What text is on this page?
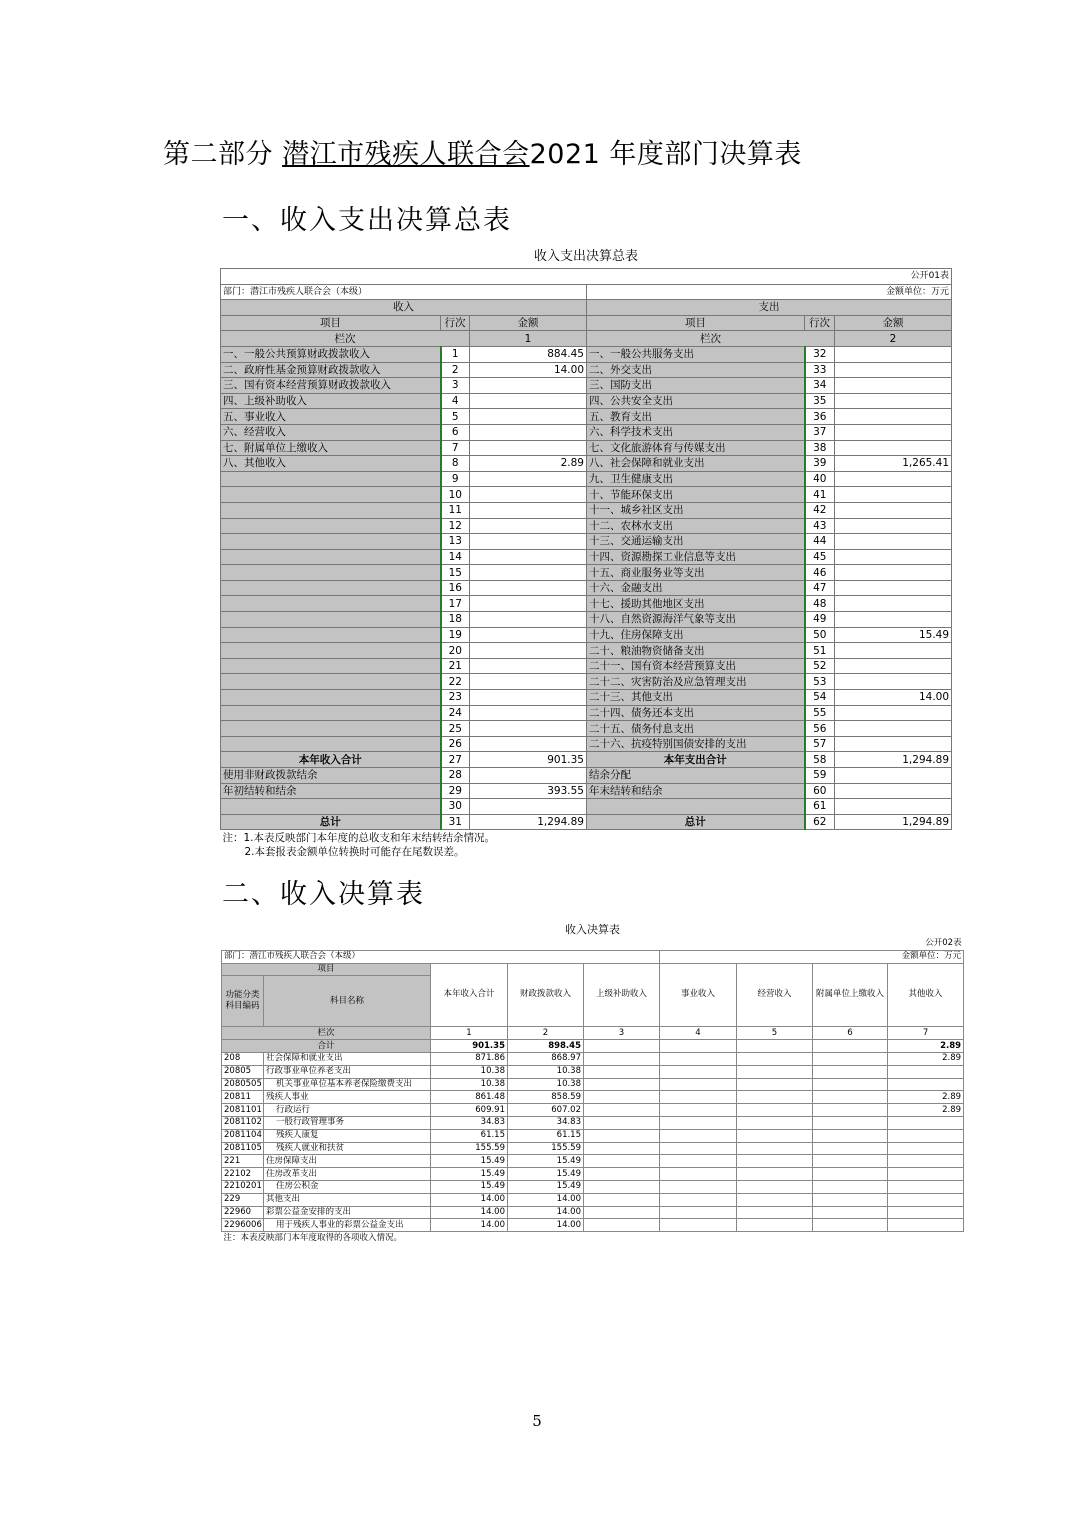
第二部分 潜江市残疾人联合会2021 年度部门决算表
一、收入支出决算总表
收入支出决算总表					
公开01表					
部门：潜江市残疾人联合会（本级）			金额单位：万元		
收入			支出		
项目	行次	金额	项目	行次	金额
栏次		1	栏次		2
一、一般公共预算财政拨款收入	1	884.45	一、一般公共服务支出	32	
二、政府性基金预算财政拨款收入	2	14.00	二、外交支出	33	
三、国有资本经营预算财政拨款收入	3		三、国防支出	34	
四、上级补助收入	4		四、公共安全支出	35	
五、事业收入	5		五、教育支出	36	
六、经营收入	6		六、科学技术支出	37	
七、附属单位上缴收入	7		七、文化旅游体育与传媒支出	38	
八、其他收入	8	2.89	八、社会保障和就业支出	39	1,265.41
	9		九、卫生健康支出	40	
	10		十、节能环保支出	41	
	11		十一、城乡社区支出	42	
	12		十二、农林水支出	43	
	13		十三、交通运输支出	44	
	14		十四、资源勘探工业信息等支出	45	
	15		十五、商业服务业等支出	46	
	16		十六、金融支出	47	
	17		十七、援助其他地区支出	48	
	18		十八、自然资源海洋气象等支出	49	
	19		十九、住房保障支出	50	15.49
	20		二十、粮油物资储备支出	51	
	21		二十一、国有资本经营预算支出	52	
	22		二十二、灾害防治及应急管理支出	53	
	23		二十三、其他支出	54	14.00
	24		二十四、债务还本支出	55	
	25		二十五、债务付息支出	56	
	26		二十六、抗疫特别国债安排的支出	57	
本年收入合计	27	901.35	本年支出合计	58	1,294.89
使用非财政拨款结余	28		结余分配	59	
年初结转和结余	29	393.55	年末结转和结余	60	
	30			61	
总计	31	1,294.89	总计	62	1,294.89
注：1.本表反映部门本年度的总收支和年末结转结余情况。					
2.本套报表金额单位转换时可能存在尾数误差。					
二、收入决算表
收入决算表								
公开02表								
部门：潜江市残疾人联合会（本级）					金额单位：万元			
项目		本年收入合计	财政拨款收入	上级补助收入	事业收入	经营收入	附属单位上缴收入	其他收入
功能分类科目编码	科目名称							
栏次		1	2	3	4	5	6	7
合计		901.35	898.45					2.89
208	社会保障和就业支出	871.86	868.97					2.89
20805	行政事业单位养老支出	10.38	10.38					
2080505	机关事业单位基本养老保险缴费支出	10.38	10.38					
20811	残疾人事业	861.48	858.59					2.89
2081101	行政运行	609.91	607.02					2.89
2081102	一般行政管理事务	34.83	34.83					
2081104	残疾人康复	61.15	61.15					
2081105	残疾人就业和扶贫	155.59	155.59					
221	住房保障支出	15.49	15.49					
22102	住房改革支出	15.49	15.49					
2210201	住房公积金	15.49	15.49					
229	其他支出	14.00	14.00					
22960	彩票公益金安排的支出	14.00	14.00					
2296006	用于残疾人事业的彩票公益金支出	14.00	14.00					
注：本表反映部门本年度取得的各项收入情况。								
5
